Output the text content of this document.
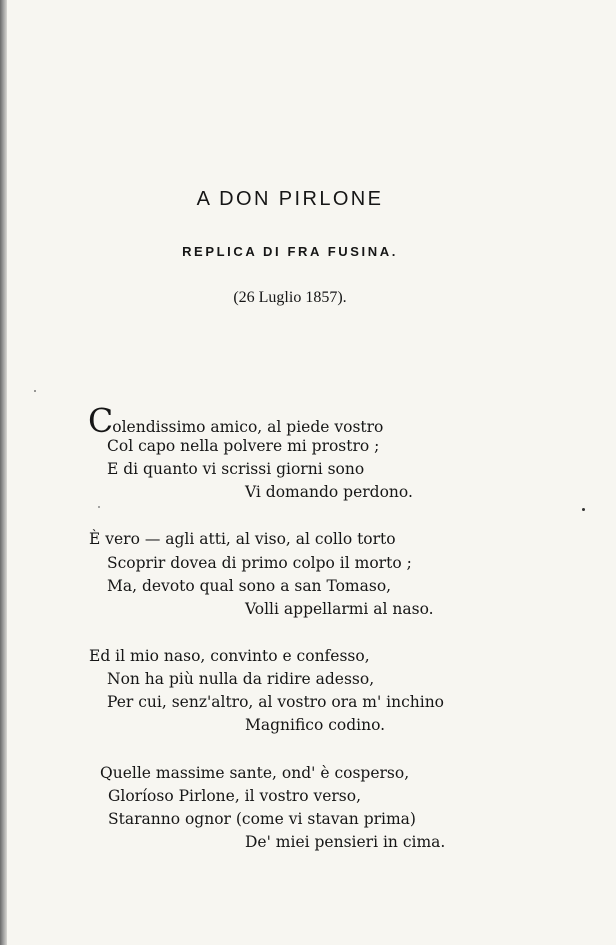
A DON PIRLONE
REPLICA DI FRA FUSINA.
(26 Luglio 1857).
Colendissimo amico, al piede vostro
Col capo nella polvere mi prostro ;
E di quanto vi scrissi giorni sono
Vi domando perdono.
È vero — agli atti, al viso, al collo torto
Scoprir dovea di primo colpo il morto ;
Ma, devoto qual sono a san Tomaso,
Volli appellarmi al naso.
Ed il mio naso, convinto e confesso,
Non ha più nulla da ridire adesso,
Per cui, senz'altro, al vostro ora m' inchino
Magnifico codino.
Quelle massime sante, ond' è cosperso,
Gloríoso Pirlone, il vostro verso,
Staranno ognor (come vi stavan prima)
De' miei pensieri in cima.
